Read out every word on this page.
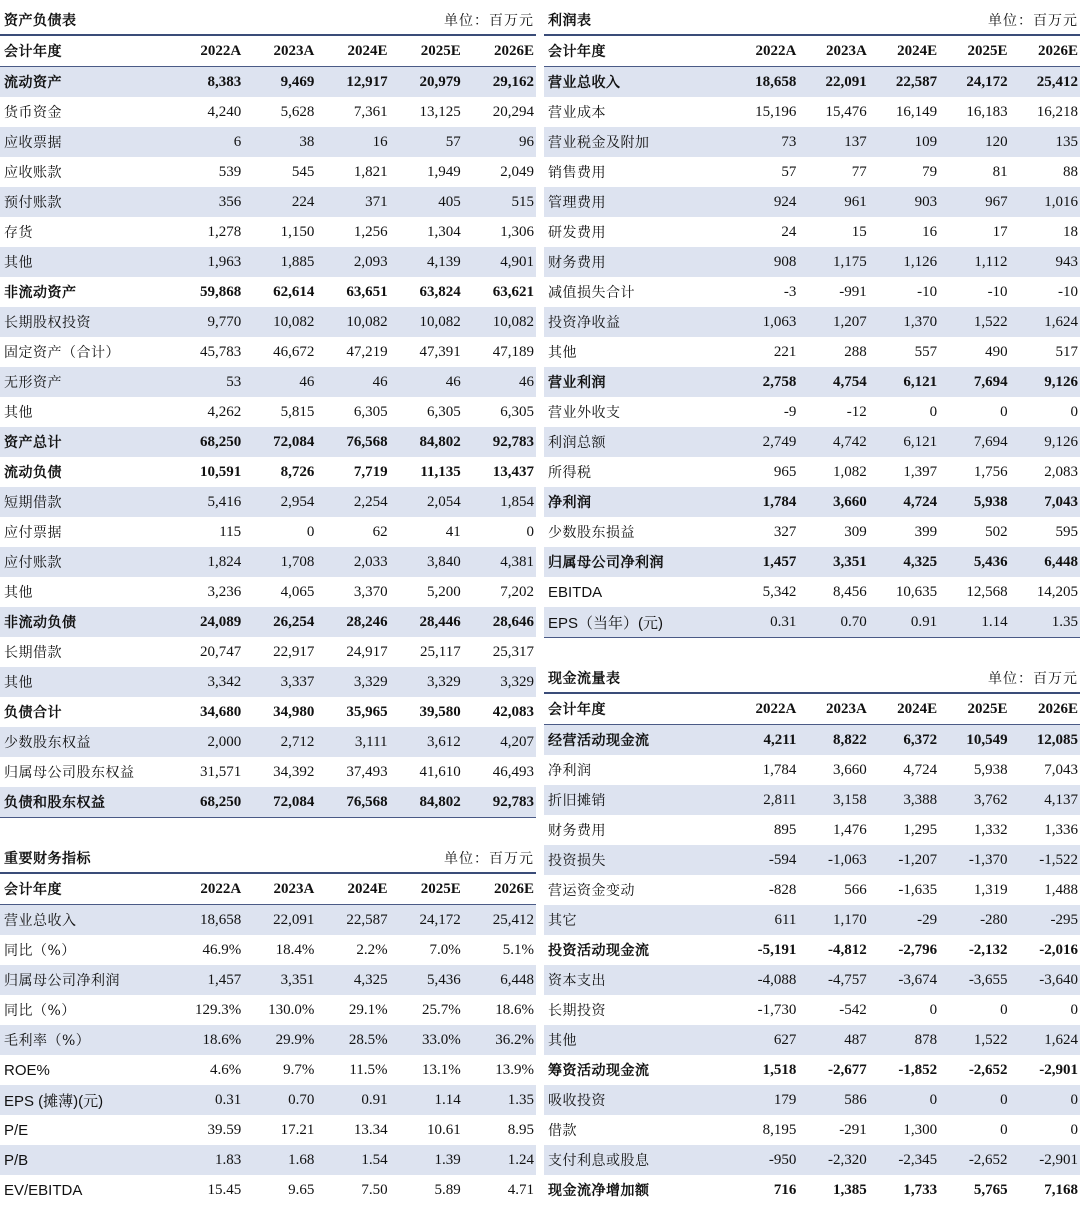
资产负债表			单位：百万元		
会计年度	2022A	2023A	2024E	2025E	2026E
流动资产	8,383	9,469	12,917	20,979	29,162
货币资金	4,240	5,628	7,361	13,125	20,294
应收票据	6	38	16	57	96
应收账款	539	545	1,821	1,949	2,049
预付账款	356	224	371	405	515
存货	1,278	1,150	1,256	1,304	1,306
其他	1,963	1,885	2,093	4,139	4,901
非流动资产	59,868	62,614	63,651	63,824	63,621
长期股权投资	9,770	10,082	10,082	10,082	10,082
固定资产（合计）	45,783	46,672	47,219	47,391	47,189
无形资产	53	46	46	46	46
其他	4,262	5,815	6,305	6,305	6,305
资产总计	68,250	72,084	76,568	84,802	92,783
流动负债	10,591	8,726	7,719	11,135	13,437
短期借款	5,416	2,954	2,254	2,054	1,854
应付票据	115	0	62	41	0
应付账款	1,824	1,708	2,033	3,840	4,381
其他	3,236	4,065	3,370	5,200	7,202
非流动负债	24,089	26,254	28,246	28,446	28,646
长期借款	20,747	22,917	24,917	25,117	25,317
其他	3,342	3,337	3,329	3,329	3,329
负债合计	34,680	34,980	35,965	39,580	42,083
少数股东权益	2,000	2,712	3,111	3,612	4,207
归属母公司股东权益	31,571	34,392	37,493	41,610	46,493
负债和股东权益	68,250	72,084	76,568	84,802	92,783
利润表			单位：百万元		
会计年度	2022A	2023A	2024E	2025E	2026E
营业总收入	18,658	22,091	22,587	24,172	25,412
营业成本	15,196	15,476	16,149	16,183	16,218
营业税金及附加	73	137	109	120	135
销售费用	57	77	79	81	88
管理费用	924	961	903	967	1,016
研发费用	24	15	16	17	18
财务费用	908	1,175	1,126	1,112	943
减值损失合计	-3	-991	-10	-10	-10
投资净收益	1,063	1,207	1,370	1,522	1,624
其他	221	288	557	490	517
营业利润	2,758	4,754	6,121	7,694	9,126
营业外收支	-9	-12	0	0	0
利润总额	2,749	4,742	6,121	7,694	9,126
所得税	965	1,082	1,397	1,756	2,083
净利润	1,784	3,660	4,724	5,938	7,043
少数股东损益	327	309	399	502	595
归属母公司净利润	1,457	3,351	4,325	5,436	6,448
EBITDA	5,342	8,456	10,635	12,568	14,205
EPS（当年）(元)	0.31	0.70	0.91	1.14	1.35
重要财务指标			单位：百万元		
会计年度	2022A	2023A	2024E	2025E	2026E
营业总收入	18,658	22,091	22,587	24,172	25,412
同比（%）	46.9%	18.4%	2.2%	7.0%	5.1%
归属母公司净利润	1,457	3,351	4,325	5,436	6,448
同比（%）	129.3%	130.0%	29.1%	25.7%	18.6%
毛利率（%）	18.6%	29.9%	28.5%	33.0%	36.2%
ROE%	4.6%	9.7%	11.5%	13.1%	13.9%
EPS (摊薄)(元)	0.31	0.70	0.91	1.14	1.35
P/E	39.59	17.21	13.34	10.61	8.95
P/B	1.83	1.68	1.54	1.39	1.24
EV/EBITDA	15.45	9.65	7.50	5.89	4.71
现金流量表			单位：百万元		
会计年度	2022A	2023A	2024E	2025E	2026E
经营活动现金流	4,211	8,822	6,372	10,549	12,085
净利润	1,784	3,660	4,724	5,938	7,043
折旧摊销	2,811	3,158	3,388	3,762	4,137
财务费用	895	1,476	1,295	1,332	1,336
投资损失	-594	-1,063	-1,207	-1,370	-1,522
营运资金变动	-828	566	-1,635	1,319	1,488
其它	611	1,170	-29	-280	-295
投资活动现金流	-5,191	-4,812	-2,796	-2,132	-2,016
资本支出	-4,088	-4,757	-3,674	-3,655	-3,640
长期投资	-1,730	-542	0	0	0
其他	627	487	878	1,522	1,624
筹资活动现金流	1,518	-2,677	-1,852	-2,652	-2,901
吸收投资	179	586	0	0	0
借款	8,195	-291	1,300	0	0
支付利息或股息	-950	-2,320	-2,345	-2,652	-2,901
现金流净增加额	716	1,385	1,733	5,765	7,168
